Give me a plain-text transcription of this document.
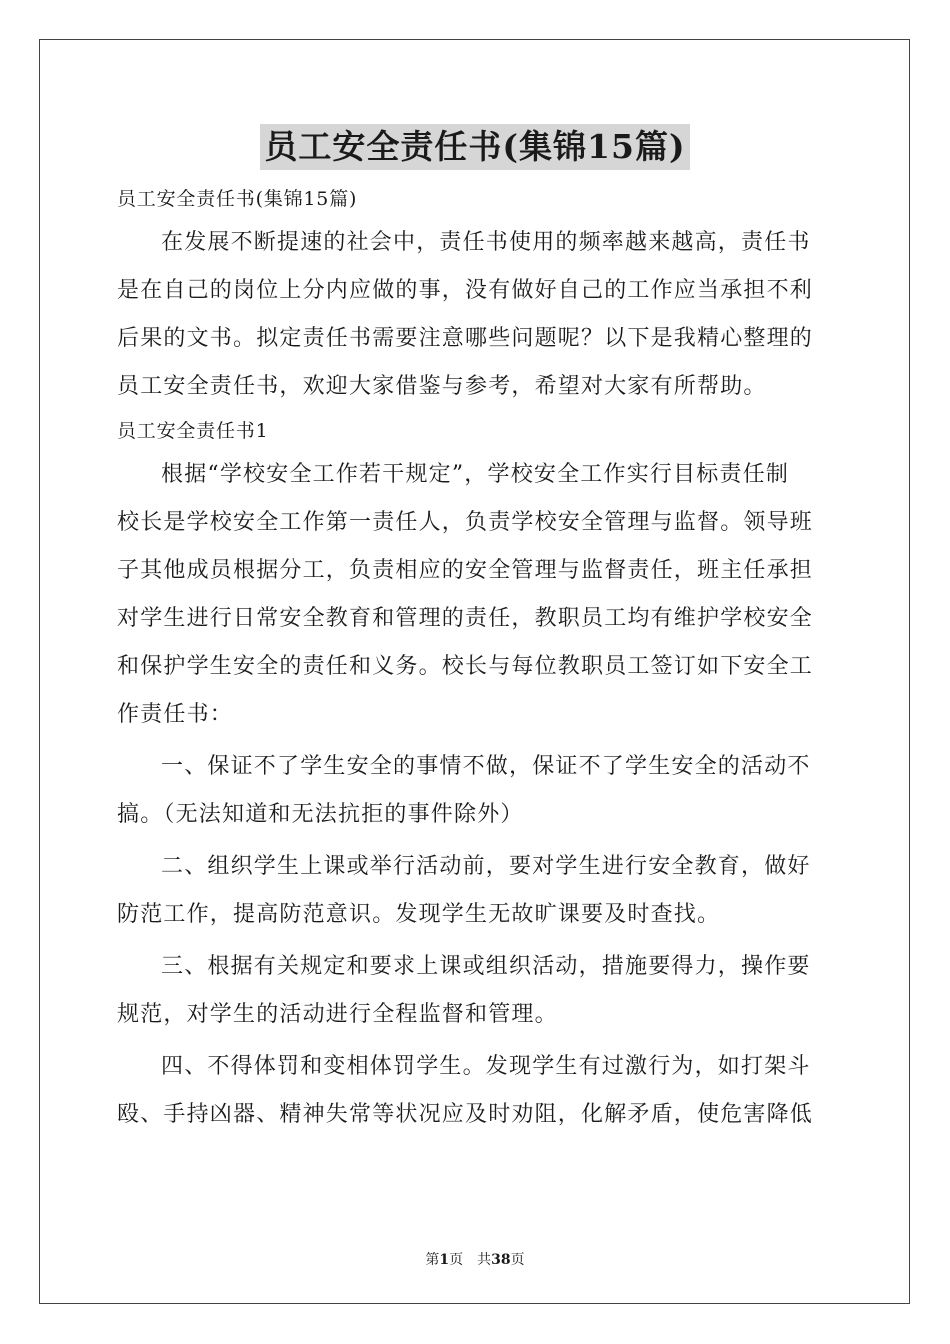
员工安全责任书(集锦15篇)
员工安全责任书(集锦15篇)
在发展不断提速的社会中，责任书使用的频率越来越高，责任书
是在自己的岗位上分内应做的事，没有做好自己的工作应当承担不利
后果的文书。拟定责任书需要注意哪些问题呢？以下是我精心整理的
员工安全责任书，欢迎大家借鉴与参考，希望对大家有所帮助。
员工安全责任书1
根据“学校安全工作若干规定”，学校安全工作实行目标责任制
校长是学校安全工作第一责任人，负责学校安全管理与监督。领导班
子其他成员根据分工，负责相应的安全管理与监督责任，班主任承担
对学生进行日常安全教育和管理的责任，教职员工均有维护学校安全
和保护学生安全的责任和义务。校长与每位教职员工签订如下安全工
作责任书：
一、保证不了学生安全的事情不做，保证不了学生安全的活动不
搞。（无法知道和无法抗拒的事件除外）
二、组织学生上课或举行活动前，要对学生进行安全教育，做好
防范工作，提高防范意识。发现学生无故旷课要及时查找。
三、根据有关规定和要求上课或组织活动，措施要得力，操作要
规范，对学生的活动进行全程监督和管理。
四、不得体罚和变相体罚学生。发现学生有过激行为，如打架斗
殴、手持凶器、精神失常等状况应及时劝阻，化解矛盾，使危害降低
第1页 共38页
